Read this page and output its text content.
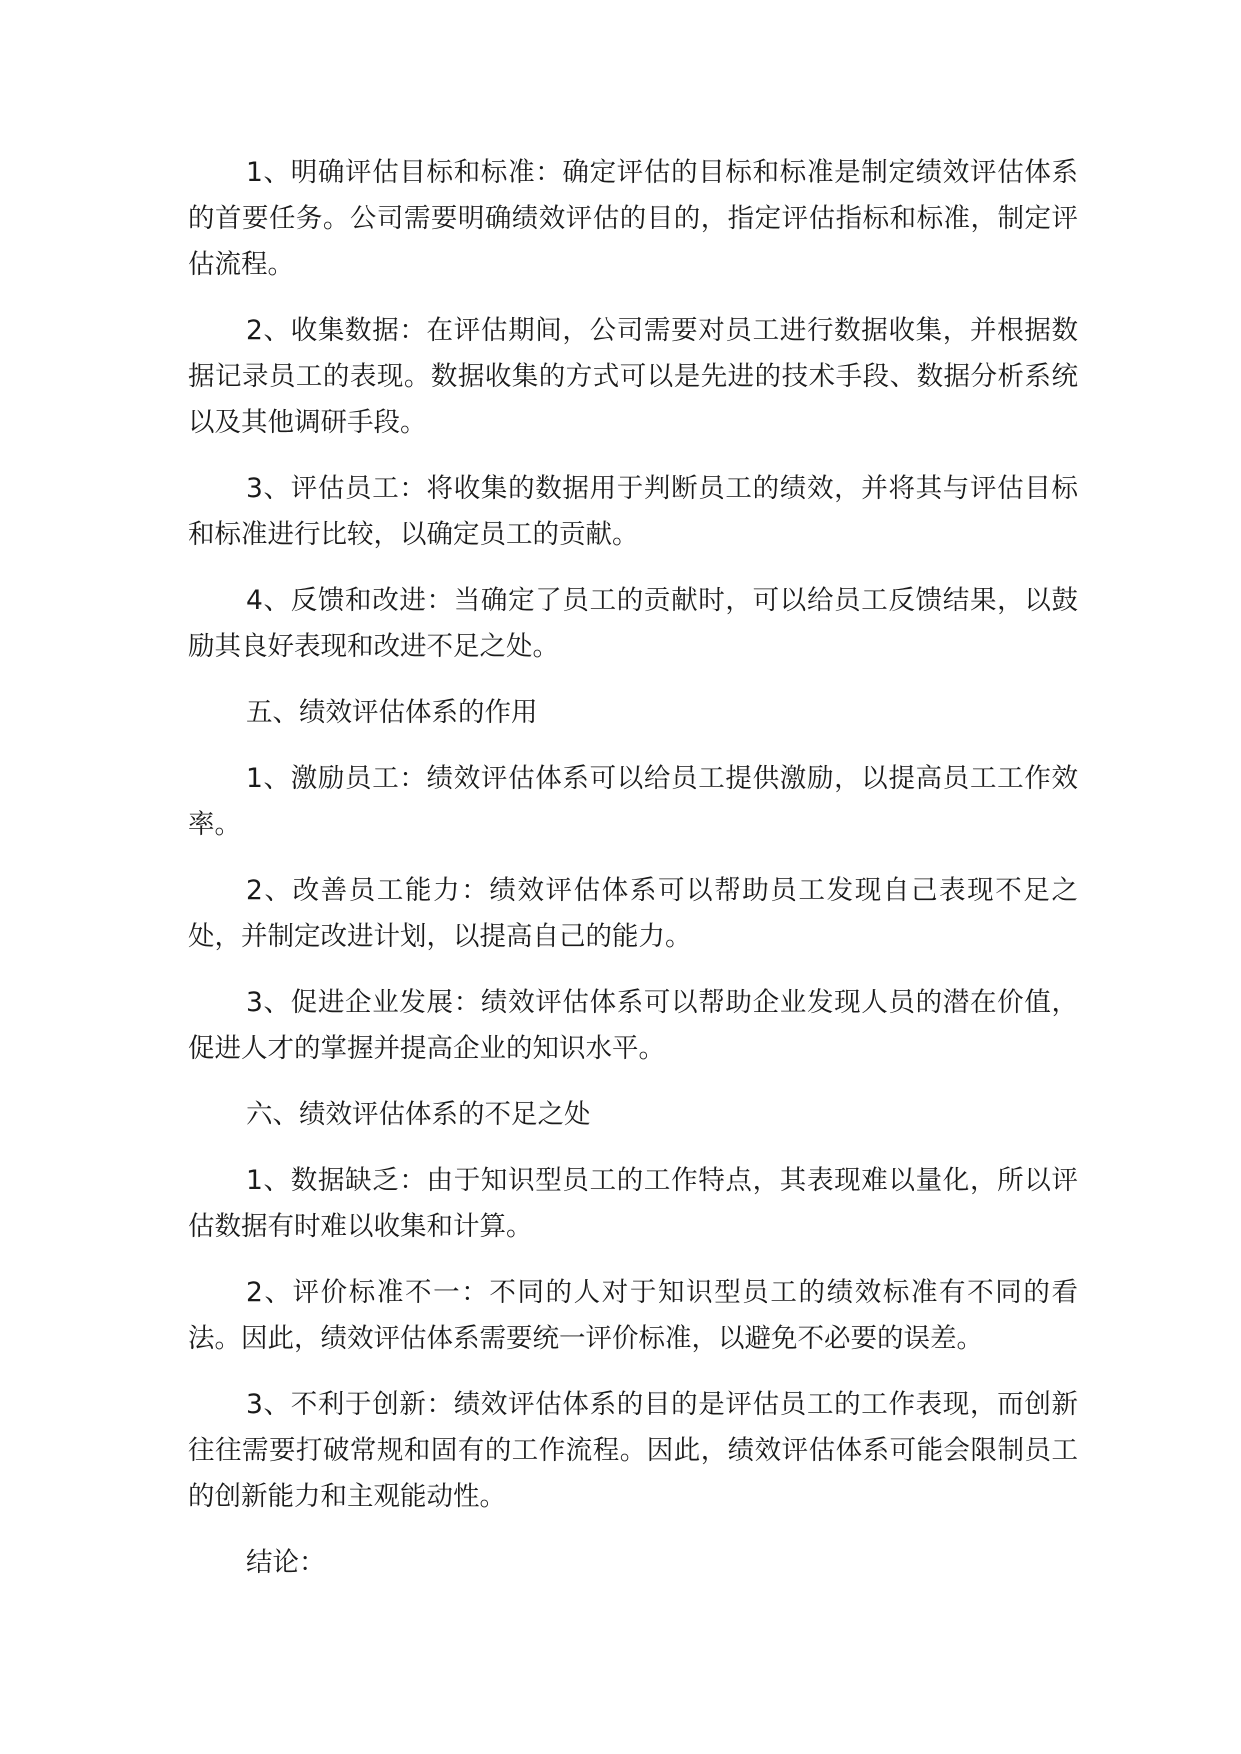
1、明确评估目标和标准：确定评估的目标和标准是制定绩效评估体系的首要任务。公司需要明确绩效评估的目的，指定评估指标和标准，制定评估流程。

2、收集数据：在评估期间，公司需要对员工进行数据收集，并根据数据记录员工的表现。数据收集的方式可以是先进的技术手段、数据分析系统以及其他调研手段。

3、评估员工：将收集的数据用于判断员工的绩效，并将其与评估目标和标准进行比较，以确定员工的贡献。

4、反馈和改进：当确定了员工的贡献时，可以给员工反馈结果，以鼓励其良好表现和改进不足之处。

五、绩效评估体系的作用

1、激励员工：绩效评估体系可以给员工提供激励，以提高员工工作效率。

2、改善员工能力：绩效评估体系可以帮助员工发现自己表现不足之处，并制定改进计划，以提高自己的能力。

3、促进企业发展：绩效评估体系可以帮助企业发现人员的潜在价值，促进人才的掌握并提高企业的知识水平。

六、绩效评估体系的不足之处

1、数据缺乏：由于知识型员工的工作特点，其表现难以量化，所以评估数据有时难以收集和计算。

2、评价标准不一：不同的人对于知识型员工的绩效标准有不同的看法。因此，绩效评估体系需要统一评价标准，以避免不必要的误差。

3、不利于创新：绩效评估体系的目的是评估员工的工作表现，而创新往往需要打破常规和固有的工作流程。因此，绩效评估体系可能会限制员工的创新能力和主观能动性。

结论：
